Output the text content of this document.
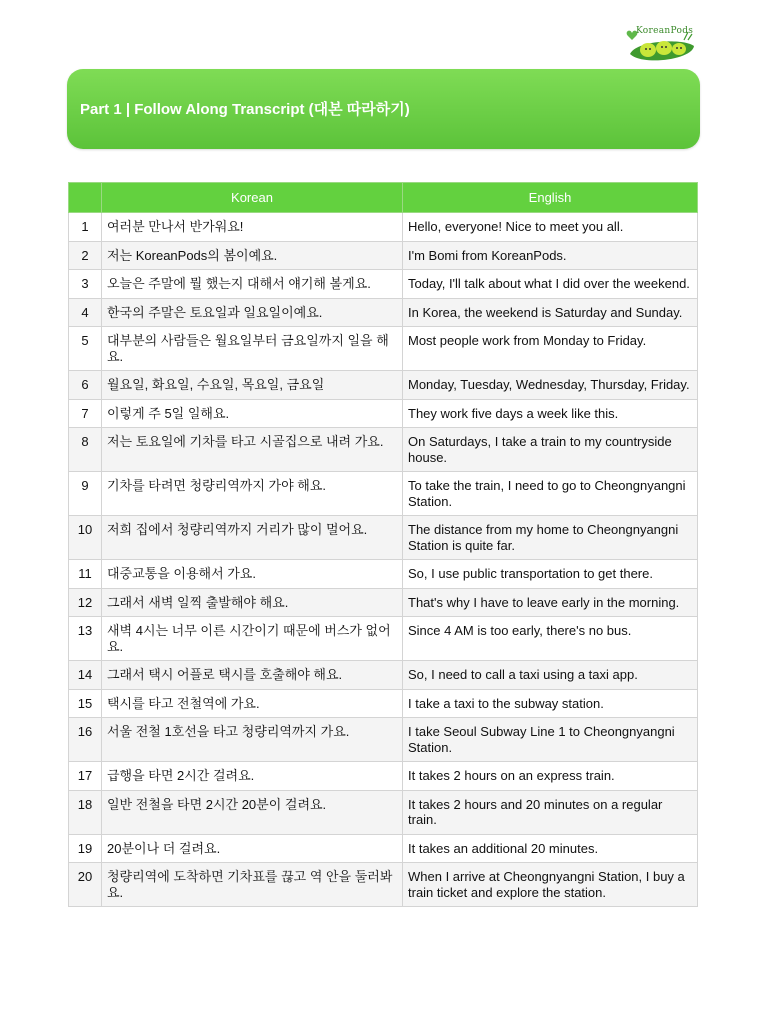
KoreanPods
Part 1 | Follow Along Transcript (대본 따라하기)
	Korean	English
1	여러분 만나서 반가워요!	Hello, everyone! Nice to meet you all.
2	저는 KoreanPods의 봄이예요.	I'm Bomi from KoreanPods.
3	오늘은 주말에 뭘 했는지 대해서 얘기해 볼게요.	Today, I'll talk about what I did over the weekend.
4	한국의 주말은 토요일과 일요일이예요.	In Korea, the weekend is Saturday and Sunday.
5	대부분의 사람들은 월요일부터 금요일까지 일을 해요.	Most people work from Monday to Friday.
6	월요일, 화요일, 수요일, 목요일, 금요일	Monday, Tuesday, Wednesday, Thursday, Friday.
7	이렇게 주 5일 일해요.	They work five days a week like this.
8	저는 토요일에 기차를 타고 시골집으로 내려 가요.	On Saturdays, I take a train to my countryside house.
9	기차를 타려면 청량리역까지 가야 해요.	To take the train, I need to go to Cheongnyangni Station.
10	저희 집에서 청량리역까지 거리가 많이 멀어요.	The distance from my home to Cheongnyangni Station is quite far.
11	대중교통을 이용해서 가요.	So, I use public transportation to get there.
12	그래서 새벽 일찍 출발해야 해요.	That's why I have to leave early in the morning.
13	새벽 4시는 너무 이른 시간이기 때문에 버스가 없어요.	Since 4 AM is too early, there's no bus.
14	그래서 택시 어플로 택시를 호출해야 해요.	So, I need to call a taxi using a taxi app.
15	택시를 타고 전철역에 가요.	I take a taxi to the subway station.
16	서울 전철 1호선을 타고 청량리역까지 가요.	I take Seoul Subway Line 1 to Cheongnyangni Station.
17	급행을 타면 2시간 걸려요.	It takes 2 hours on an express train.
18	일반 전철을 타면 2시간 20분이 걸려요.	It takes 2 hours and 20 minutes on a regular train.
19	20분이나 더 걸려요.	It takes an additional 20 minutes.
20	청량리역에 도착하면 기차표를 끊고 역 안을 둘러봐요.	When I arrive at Cheongnyangni Station, I buy a train ticket and explore the station.
